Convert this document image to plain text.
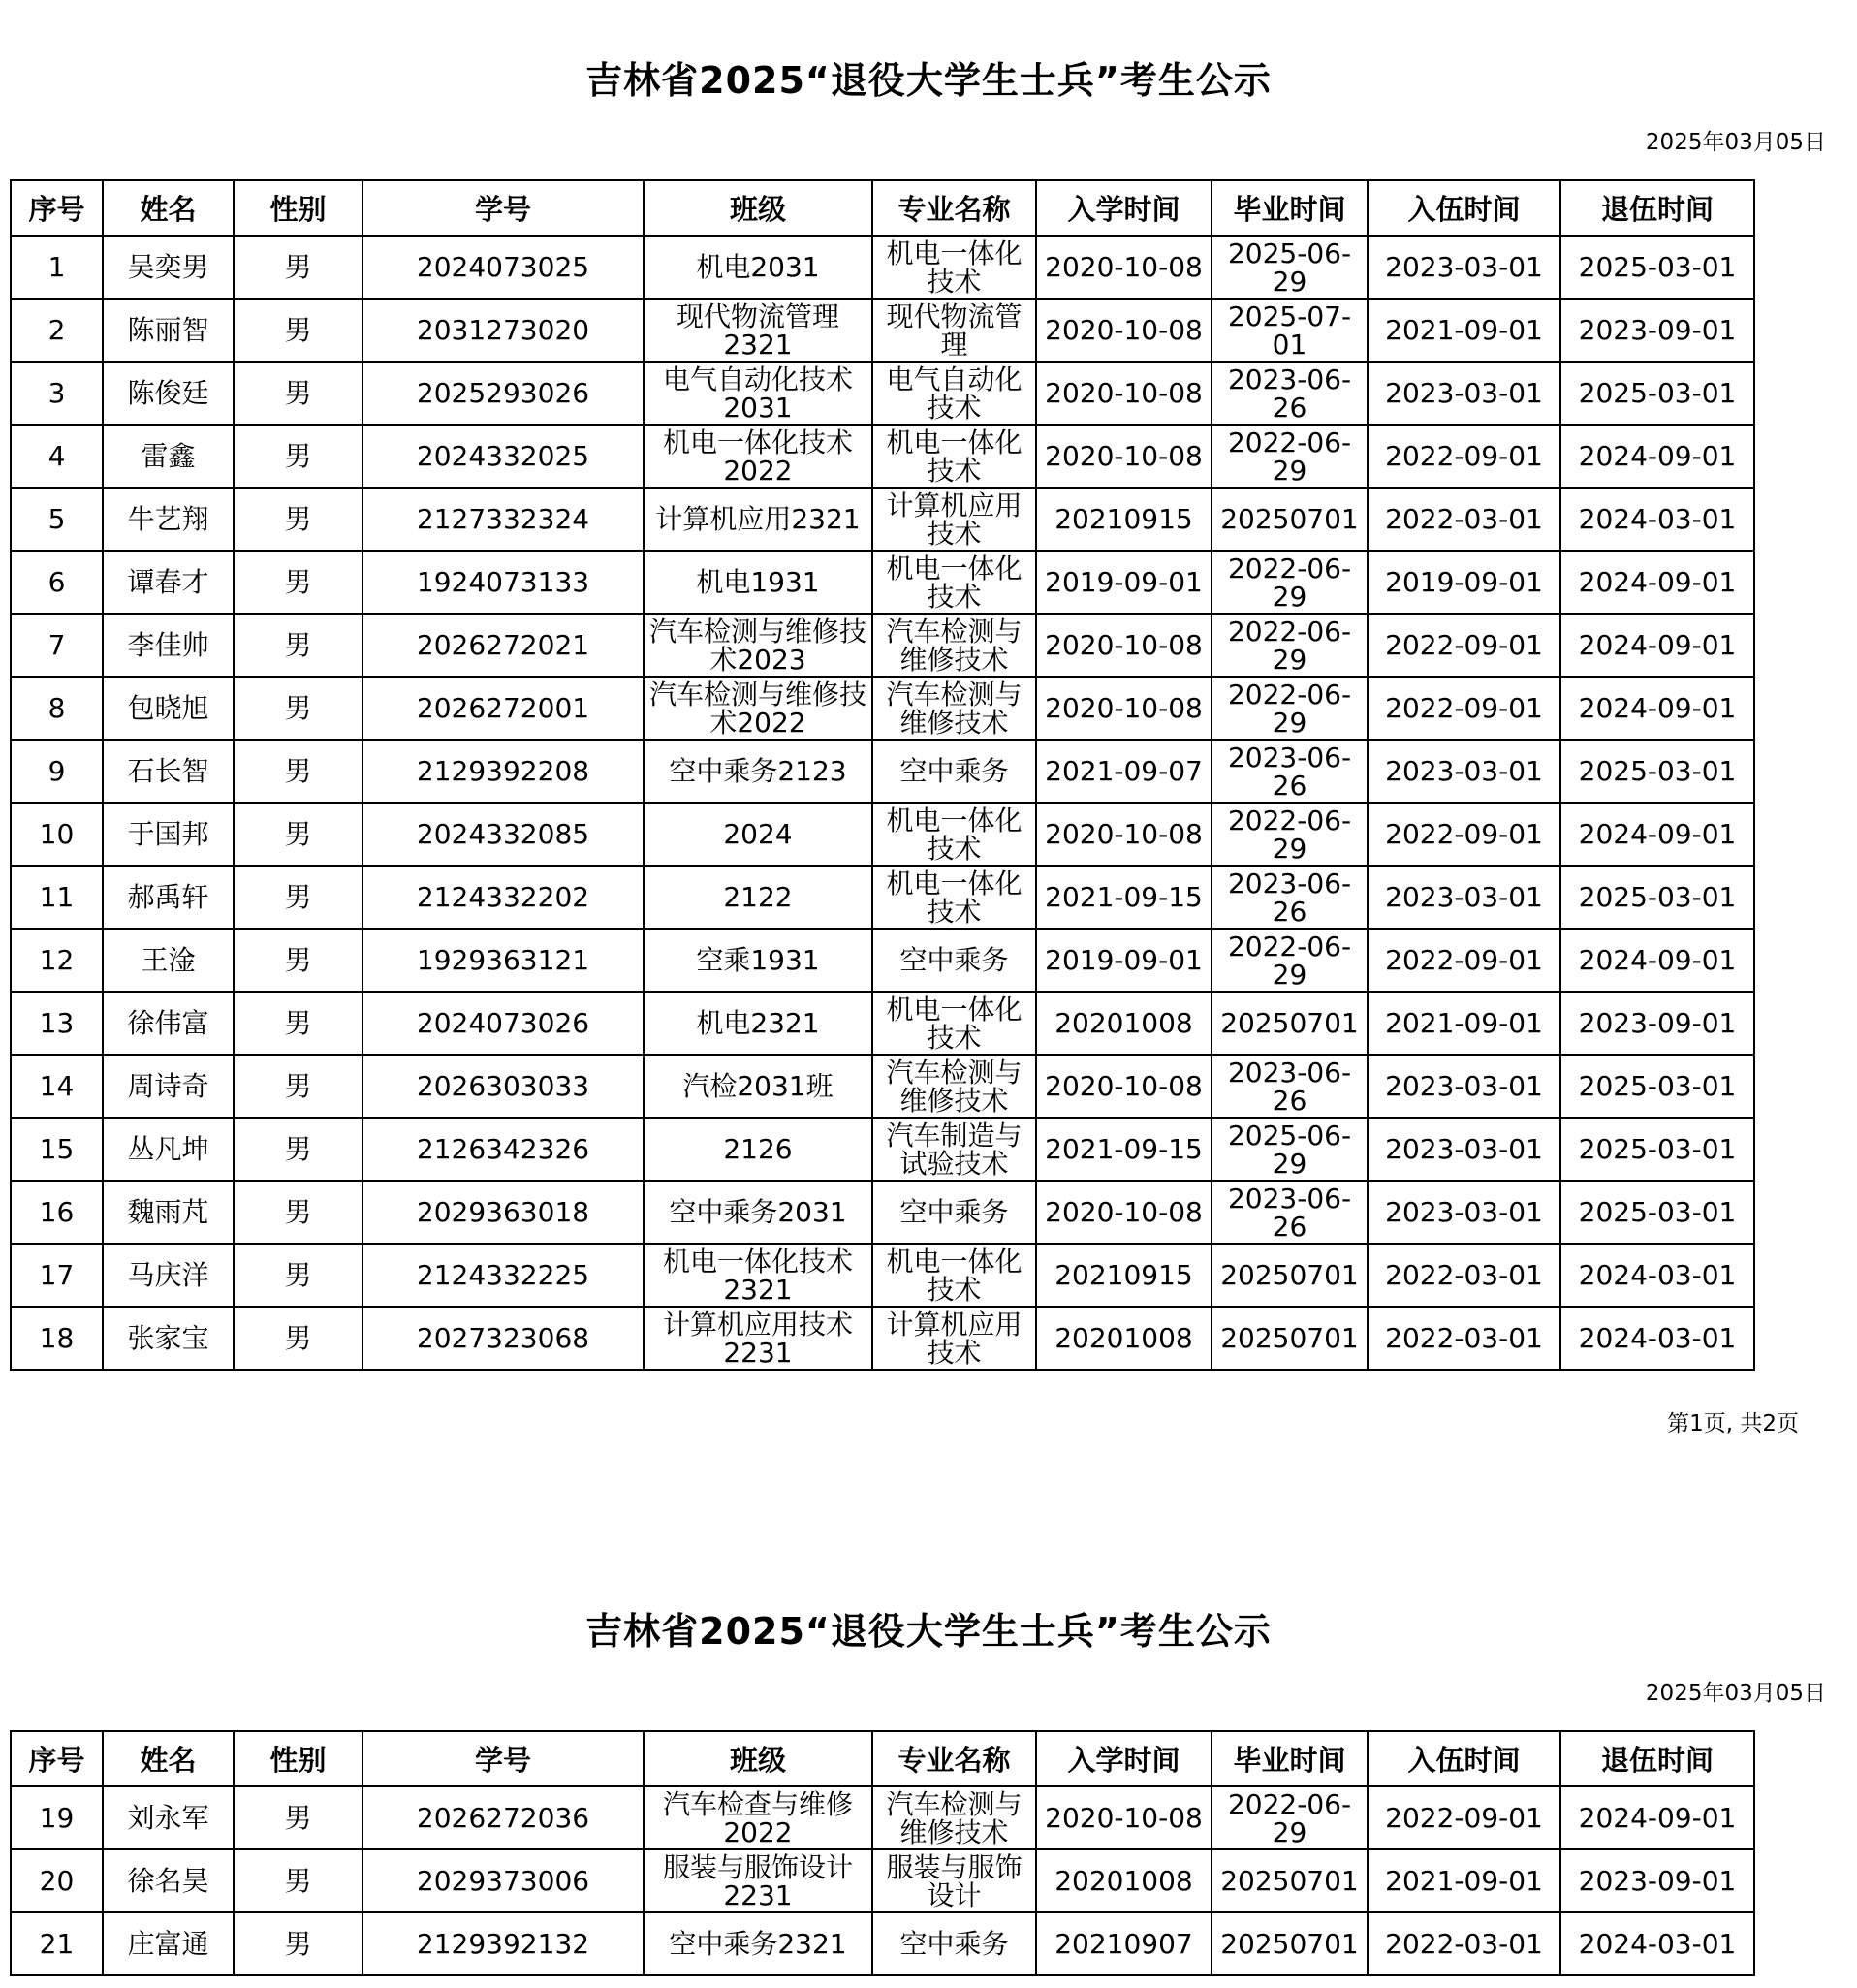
吉林省2025“退役大学生士兵”考生公示
2025年03月05日
序号	姓名	性别	学号	班级	专业名称	入学时间	毕业时间	入伍时间	退伍时间
1	吴奕男	男	2024073025	机电2031	机电一体化技术	2020-10-08	2025-06-29	2023-03-01	2025-03-01
2	陈丽智	男	2031273020	现代物流管理2321	现代物流管理	2020-10-08	2025-07-01	2021-09-01	2023-09-01
3	陈俊廷	男	2025293026	电气自动化技术2031	电气自动化技术	2020-10-08	2023-06-26	2023-03-01	2025-03-01
4	雷鑫	男	2024332025	机电一体化技术2022	机电一体化技术	2020-10-08	2022-06-29	2022-09-01	2024-09-01
5	牛艺翔	男	2127332324	计算机应用2321	计算机应用技术	20210915	20250701	2022-03-01	2024-03-01
6	谭春才	男	1924073133	机电1931	机电一体化技术	2019-09-01	2022-06-29	2019-09-01	2024-09-01
7	李佳帅	男	2026272021	汽车检测与维修技术2023	汽车检测与维修技术	2020-10-08	2022-06-29	2022-09-01	2024-09-01
8	包晓旭	男	2026272001	汽车检测与维修技术2022	汽车检测与维修技术	2020-10-08	2022-06-29	2022-09-01	2024-09-01
9	石长智	男	2129392208	空中乘务2123	空中乘务	2021-09-07	2023-06-26	2023-03-01	2025-03-01
10	于国邦	男	2024332085	2024	机电一体化技术	2020-10-08	2022-06-29	2022-09-01	2024-09-01
11	郝禹轩	男	2124332202	2122	机电一体化技术	2021-09-15	2023-06-26	2023-03-01	2025-03-01
12	王淦	男	1929363121	空乘1931	空中乘务	2019-09-01	2022-06-29	2022-09-01	2024-09-01
13	徐伟富	男	2024073026	机电2321	机电一体化技术	20201008	20250701	2021-09-01	2023-09-01
14	周诗奇	男	2026303033	汽检2031班	汽车检测与维修技术	2020-10-08	2023-06-26	2023-03-01	2025-03-01
15	丛凡坤	男	2126342326	2126	汽车制造与试验技术	2021-09-15	2025-06-29	2023-03-01	2025-03-01
16	魏雨芃	男	2029363018	空中乘务2031	空中乘务	2020-10-08	2023-06-26	2023-03-01	2025-03-01
17	马庆洋	男	2124332225	机电一体化技术2321	机电一体化技术	20210915	20250701	2022-03-01	2024-03-01
18	张家宝	男	2027323068	计算机应用技术2231	计算机应用技术	20201008	20250701	2022-03-01	2024-03-01
第1页, 共2页
吉林省2025“退役大学生士兵”考生公示
2025年03月05日
序号	姓名	性别	学号	班级	专业名称	入学时间	毕业时间	入伍时间	退伍时间
19	刘永军	男	2026272036	汽车检查与维修2022	汽车检测与维修技术	2020-10-08	2022-06-29	2022-09-01	2024-09-01
20	徐名昊	男	2029373006	服装与服饰设计2231	服装与服饰设计	20201008	20250701	2021-09-01	2023-09-01
21	庄富通	男	2129392132	空中乘务2321	空中乘务	20210907	20250701	2022-03-01	2024-03-01
